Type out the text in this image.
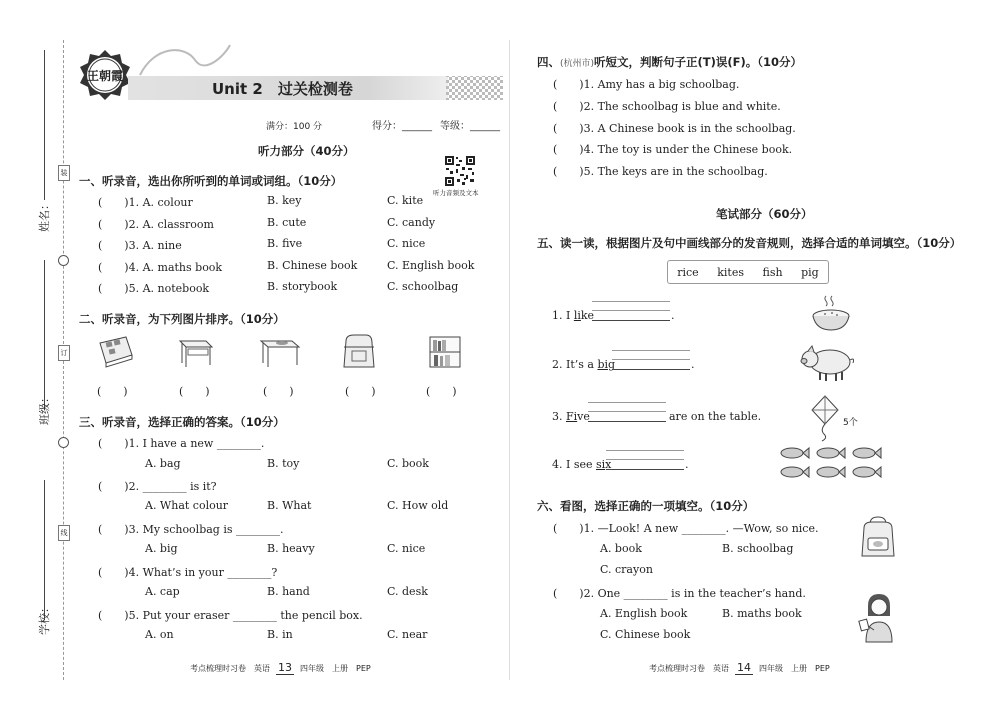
姓名：
班级：
学校：
装
订
线
王朝霞
Unit 2　过关检测卷
满分：100 分	得分：______ 等级：______
听力部分（40分）
听力音频及文本
一、听录音，选出你所听到的单词或词组。（10分）
(　　)1. A. colour	B. key	C. kite
(　　)2. A. classroom	B. cute	C. candy
(　　)3. A. nine	B. five	C. nice
(　　)4. A. maths book	B. Chinese book	C. English book
(　　)5. A. notebook	B. storybook	C. schoolbag
二、听录音，为下列图片排序。（10分）
(　　)	(　　)	(　　)	(　　)	(　　)
三、听录音，选择正确的答案。（10分）
(　　)1. I have a new ________.
A. bag	B. toy	C. book
(　　)2. ________ is it?
A. What colour	B. What	C. How old
(　　)3. My schoolbag is ________.
A. big	B. heavy	C. nice
(　　)4. What’s in your ________?
A. cap	B. hand	C. desk
(　　)5. Put your eraser ________ the pencil box.
A. on	B. in	C. near
考点梳理时习卷　英语 13 四年级　上册　PEP
四、(杭州市)听短文，判断句子正(T)误(F)。（10分）
(　　)1. Amy has a big schoolbag.
(　　)2. The schoolbag is blue and white.
(　　)3. A Chinese book is in the schoolbag.
(　　)4. The toy is under the Chinese book.
(　　)5. The keys are in the schoolbag.
笔试部分（60分）
五、读一读，根据图片及句中画线部分的发音规则，选择合适的单词填空。（10分）
rice kites fish pig
1. I like	.
2. It’s a big	.
3. Five	are on the table.
4. I see six	.
5个
六、看图，选择正确的一项填空。（10分）
(　　)1. —Look! A new ________. —Wow, so nice.
A. book	B. schoolbag
C. crayon
(　　)2. One ________ is in the teacher’s hand.
A. English book	B. maths book
C. Chinese book
考点梳理时习卷　英语 14 四年级　上册　PEP
